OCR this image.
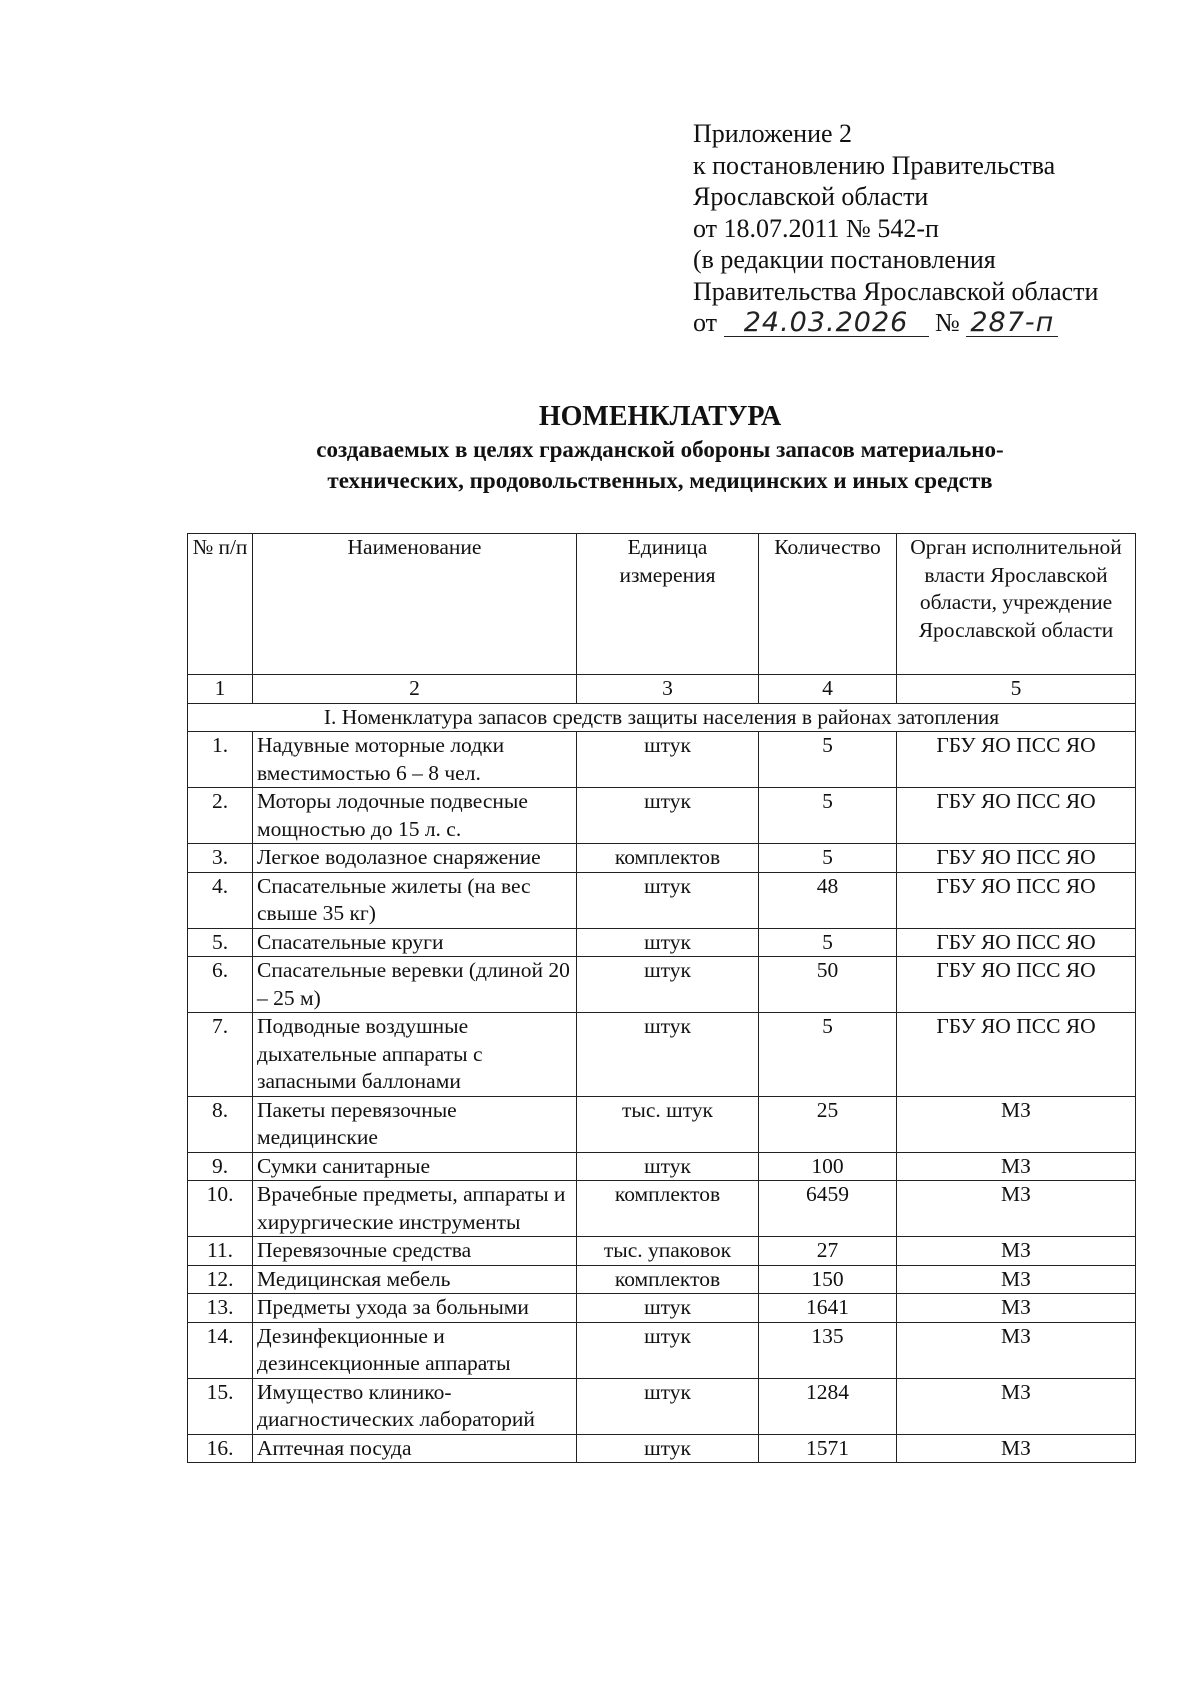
Приложение 2
к постановлению Правительства
Ярославской области
от 18.07.2011 № 542-п
(в редакции постановления
Правительства Ярославской области
от 24.03.2026 № 287-п
НОМЕНКЛАТУРА
создаваемых в целях гражданской обороны запасов материально-
технических, продовольственных, медицинских и иных средств
№ п/п	Наименование	Единица измерения	Количество	Орган исполнительной власти Ярославской области, учреждение Ярославской области
1	2	3	4	5
I. Номенклатура запасов средств защиты населения в районах затопления				
1.	Надувные моторные лодки вместимостью 6 – 8 чел.	штук	5	ГБУ ЯО ПСС ЯО
2.	Моторы лодочные подвесные мощностью до 15 л. с.	штук	5	ГБУ ЯО ПСС ЯО
3.	Легкое водолазное снаряжение	комплектов	5	ГБУ ЯО ПСС ЯО
4.	Спасательные жилеты (на вес свыше 35 кг)	штук	48	ГБУ ЯО ПСС ЯО
5.	Спасательные круги	штук	5	ГБУ ЯО ПСС ЯО
6.	Спасательные веревки (длиной 20 – 25 м)	штук	50	ГБУ ЯО ПСС ЯО
7.	Подводные воздушные дыхательные аппараты с запасными баллонами	штук	5	ГБУ ЯО ПСС ЯО
8.	Пакеты перевязочные медицинские	тыс. штук	25	МЗ
9.	Сумки санитарные	штук	100	МЗ
10.	Врачебные предметы, аппараты и хирургические инструменты	комплектов	6459	МЗ
11.	Перевязочные средства	тыс. упаковок	27	МЗ
12.	Медицинская мебель	комплектов	150	МЗ
13.	Предметы ухода за больными	штук	1641	МЗ
14.	Дезинфекционные и дезинсекционные аппараты	штук	135	МЗ
15.	Имущество клинико-диагностических лабораторий	штук	1284	МЗ
16.	Аптечная посуда	штук	1571	МЗ
